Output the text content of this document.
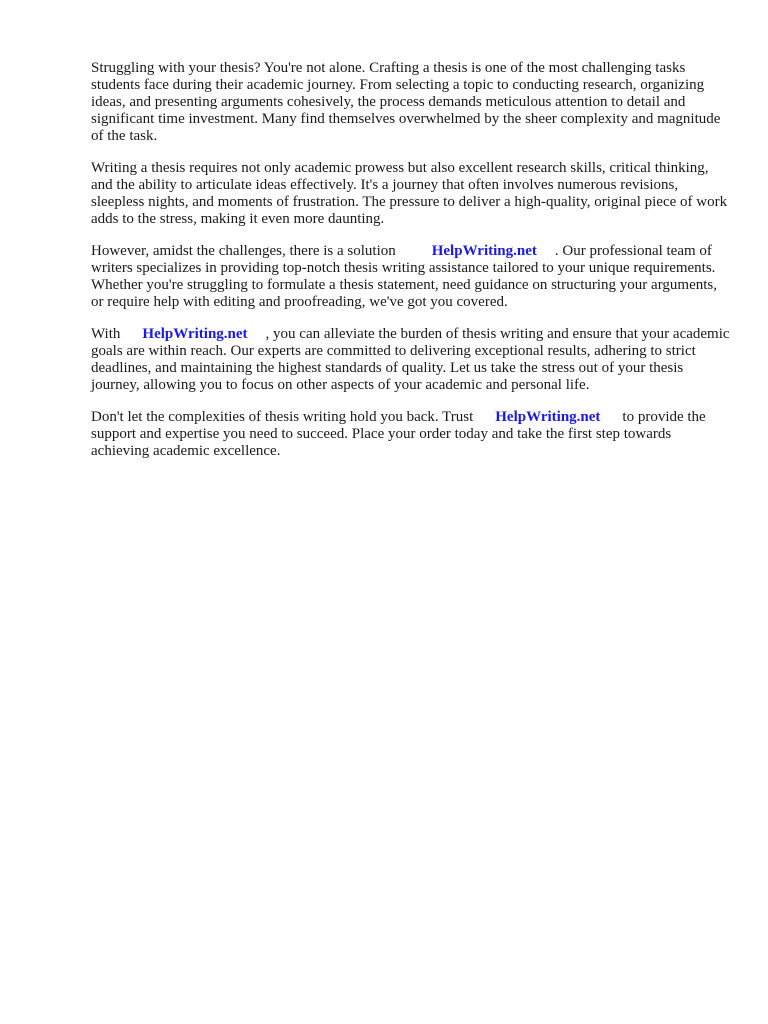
Struggling with your thesis? You're not alone. Crafting a thesis is one of the most challenging tasks students face during their academic journey. From selecting a topic to conducting research, organizing ideas, and presenting arguments cohesively, the process demands meticulous attention to detail and significant time investment. Many find themselves overwhelmed by the sheer complexity and magnitude of the task.

Writing a thesis requires not only academic prowess but also excellent research skills, critical thinking, and the ability to articulate ideas effectively. It's a journey that often involves numerous revisions, sleepless nights, and moments of frustration. The pressure to deliver a high-quality, original piece of work adds to the stress, making it even more daunting.

However, amidst the challenges, there is a solution HelpWriting.net . Our professional team of writers specializes in providing top-notch thesis writing assistance tailored to your unique requirements. Whether you're struggling to formulate a thesis statement, need guidance on structuring your arguments, or require help with editing and proofreading, we've got you covered.

With HelpWriting.net , you can alleviate the burden of thesis writing and ensure that your academic goals are within reach. Our experts are committed to delivering exceptional results, adhering to strict deadlines, and maintaining the highest standards of quality. Let us take the stress out of your thesis journey, allowing you to focus on other aspects of your academic and personal life.

Don't let the complexities of thesis writing hold you back. Trust HelpWriting.net to provide the support and expertise you need to succeed. Place your order today and take the first step towards achieving academic excellence.
